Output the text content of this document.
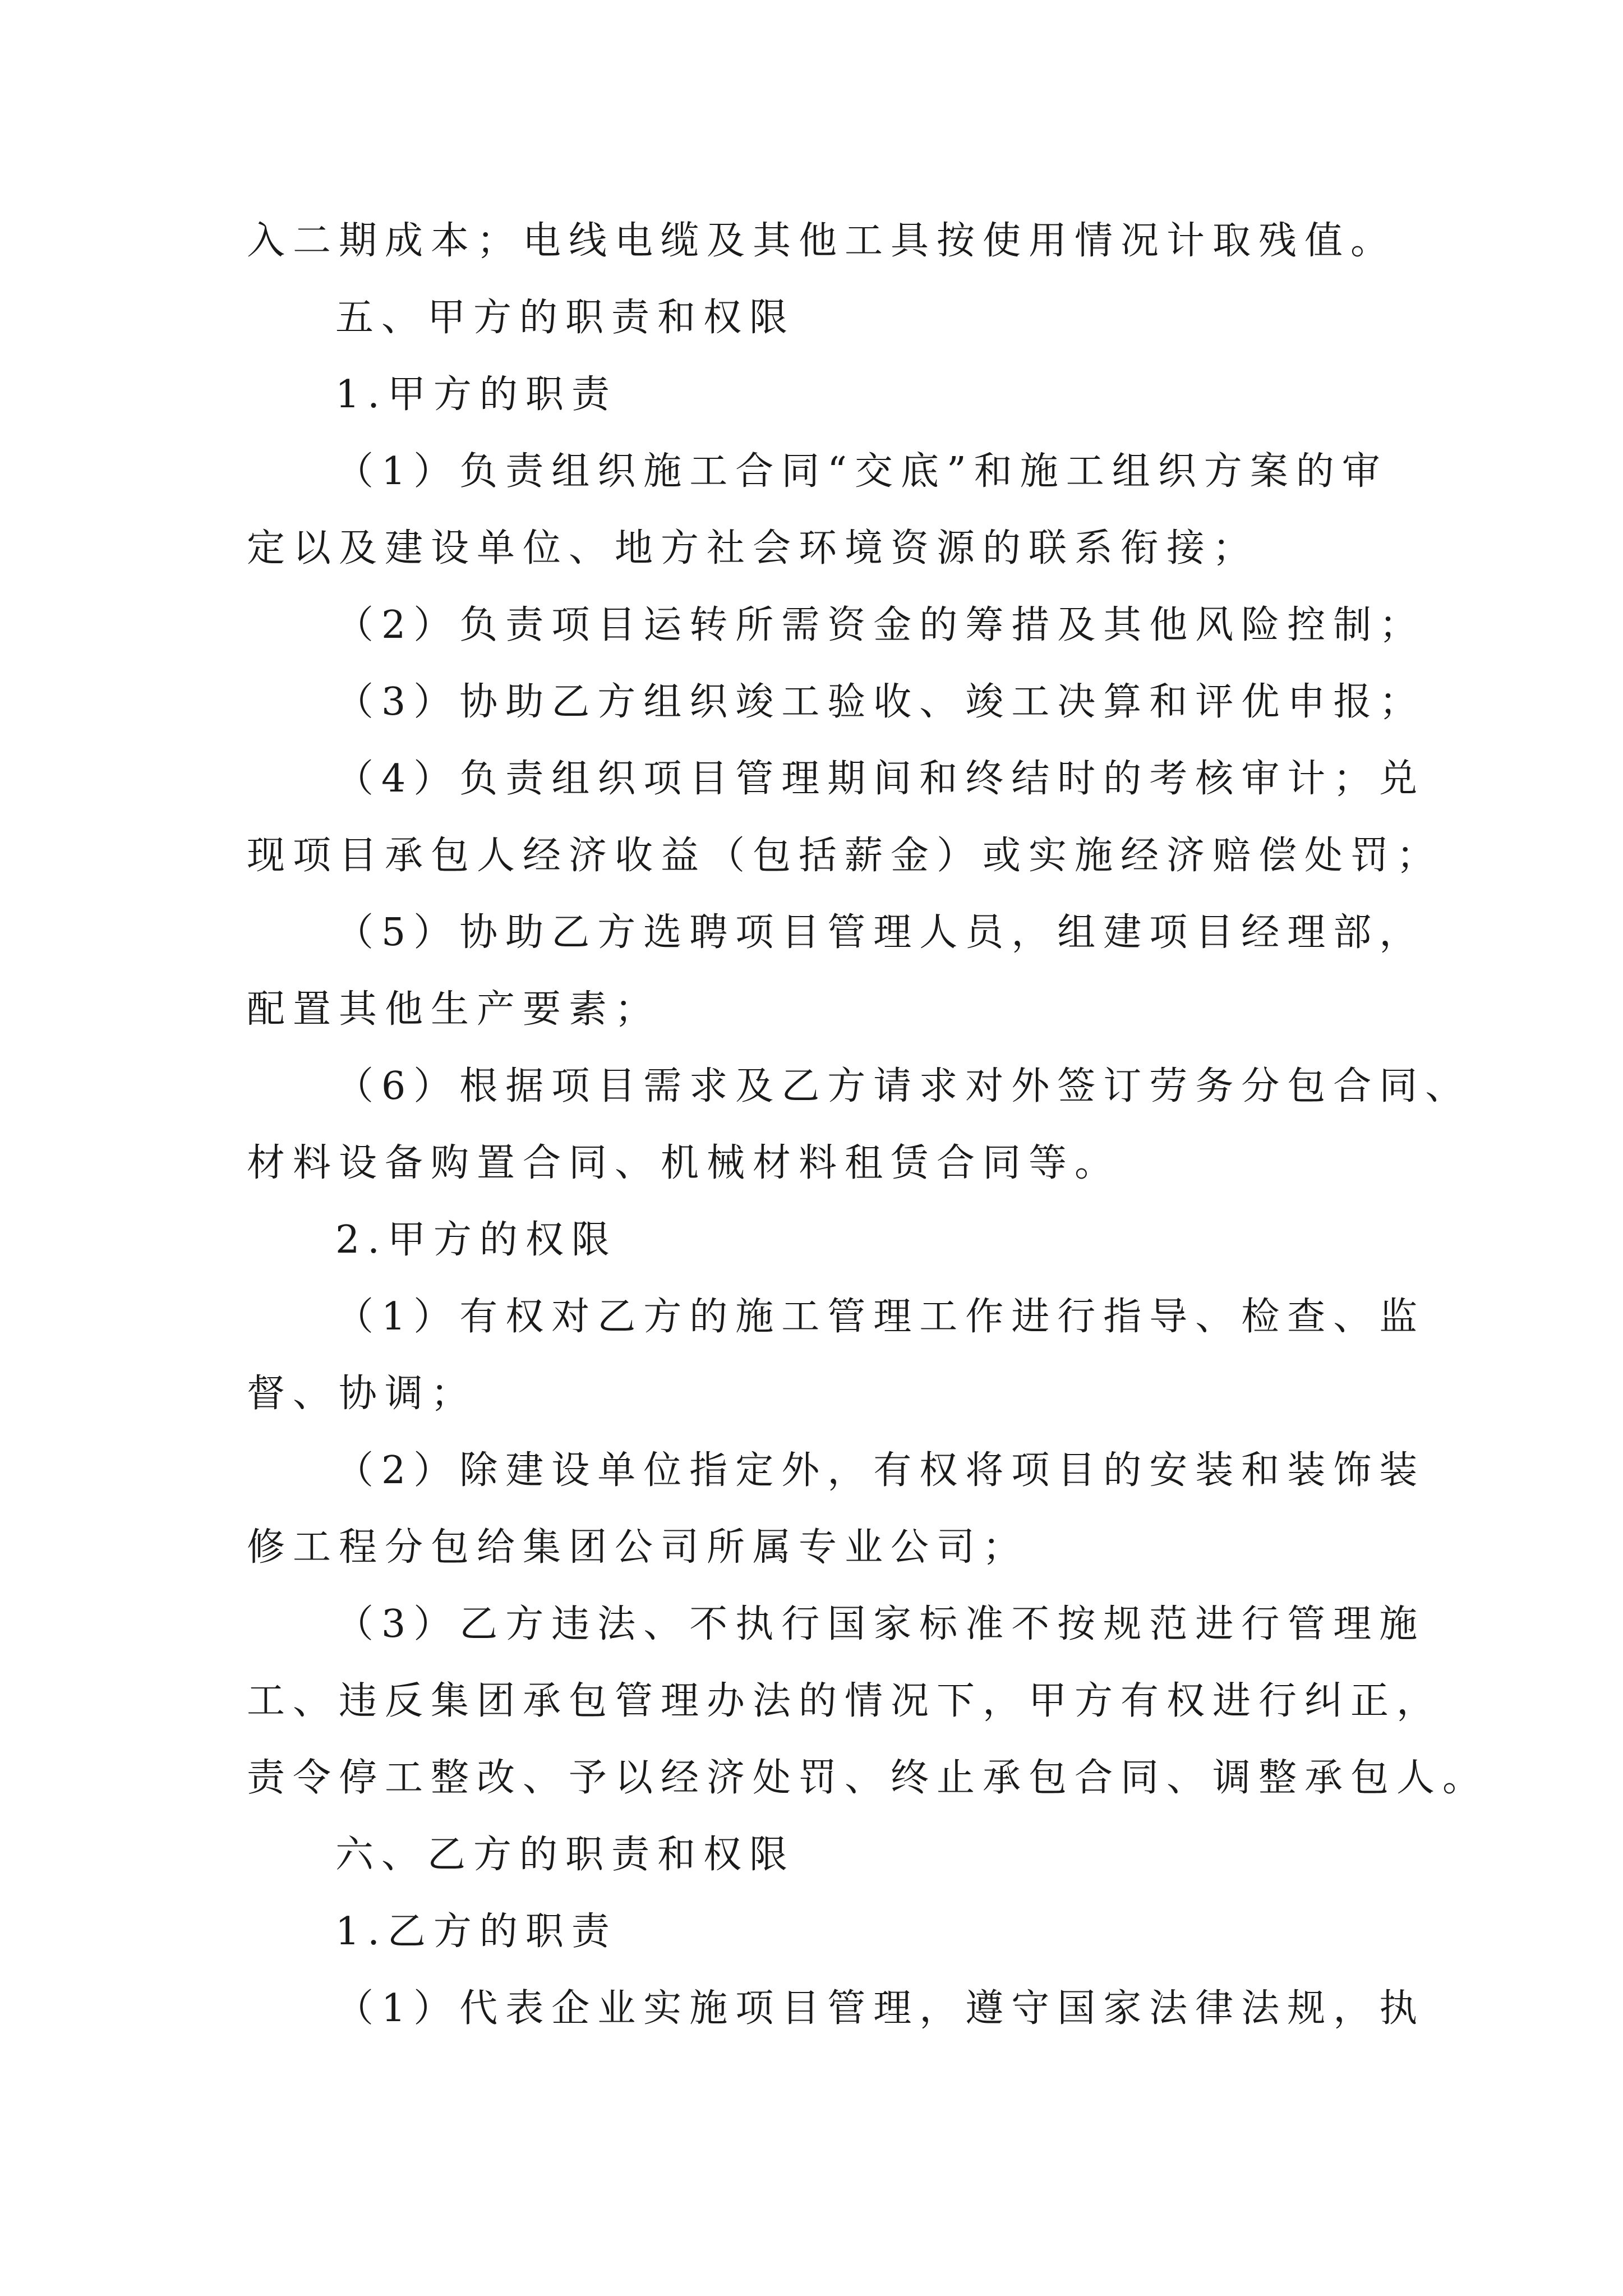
入二期成本；电线电缆及其他工具按使用情况计取残值。
五、甲方的职责和权限
1.甲方的职责
（1）负责组织施工合同“交底”和施工组织方案的审
定以及建设单位、地方社会环境资源的联系衔接；
（2）负责项目运转所需资金的筹措及其他风险控制；
（3）协助乙方组织竣工验收、竣工决算和评优申报；
（4）负责组织项目管理期间和终结时的考核审计；兑
现项目承包人经济收益（包括薪金）或实施经济赔偿处罚；
（5）协助乙方选聘项目管理人员，组建项目经理部，
配置其他生产要素；
（6）根据项目需求及乙方请求对外签订劳务分包合同、
材料设备购置合同、机械材料租赁合同等。
2.甲方的权限
（1）有权对乙方的施工管理工作进行指导、检查、监
督、协调；
（2）除建设单位指定外，有权将项目的安装和装饰装
修工程分包给集团公司所属专业公司；
（3）乙方违法、不执行国家标准不按规范进行管理施
工、违反集团承包管理办法的情况下，甲方有权进行纠正，
责令停工整改、予以经济处罚、终止承包合同、调整承包人。
六、乙方的职责和权限
1.乙方的职责
（1）代表企业实施项目管理，遵守国家法律法规，执
